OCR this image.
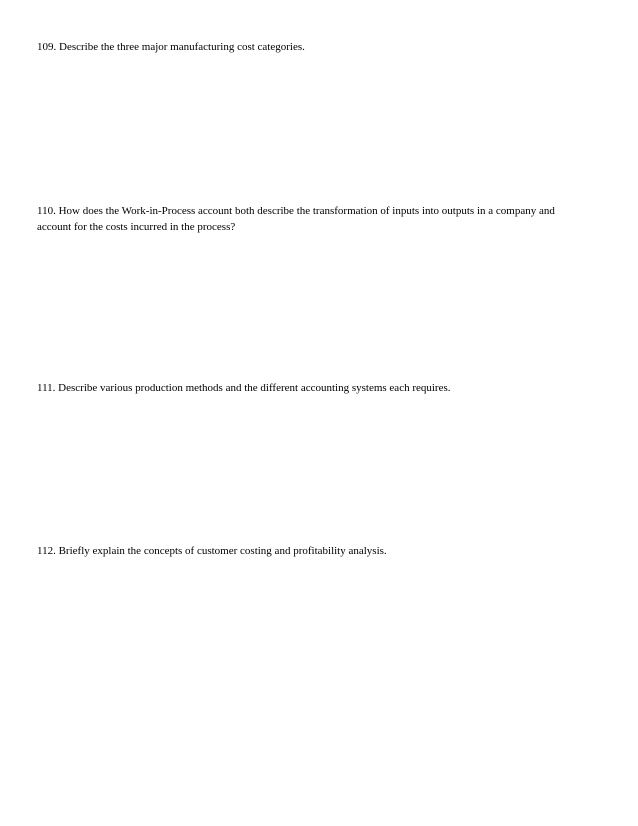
109. Describe the three major manufacturing cost categories.

110. How does the Work-in-Process account both describe the transformation of inputs into outputs in a company and account for the costs incurred in the process?

111. Describe various production methods and the different accounting systems each requires.

112. Briefly explain the concepts of customer costing and profitability analysis.
